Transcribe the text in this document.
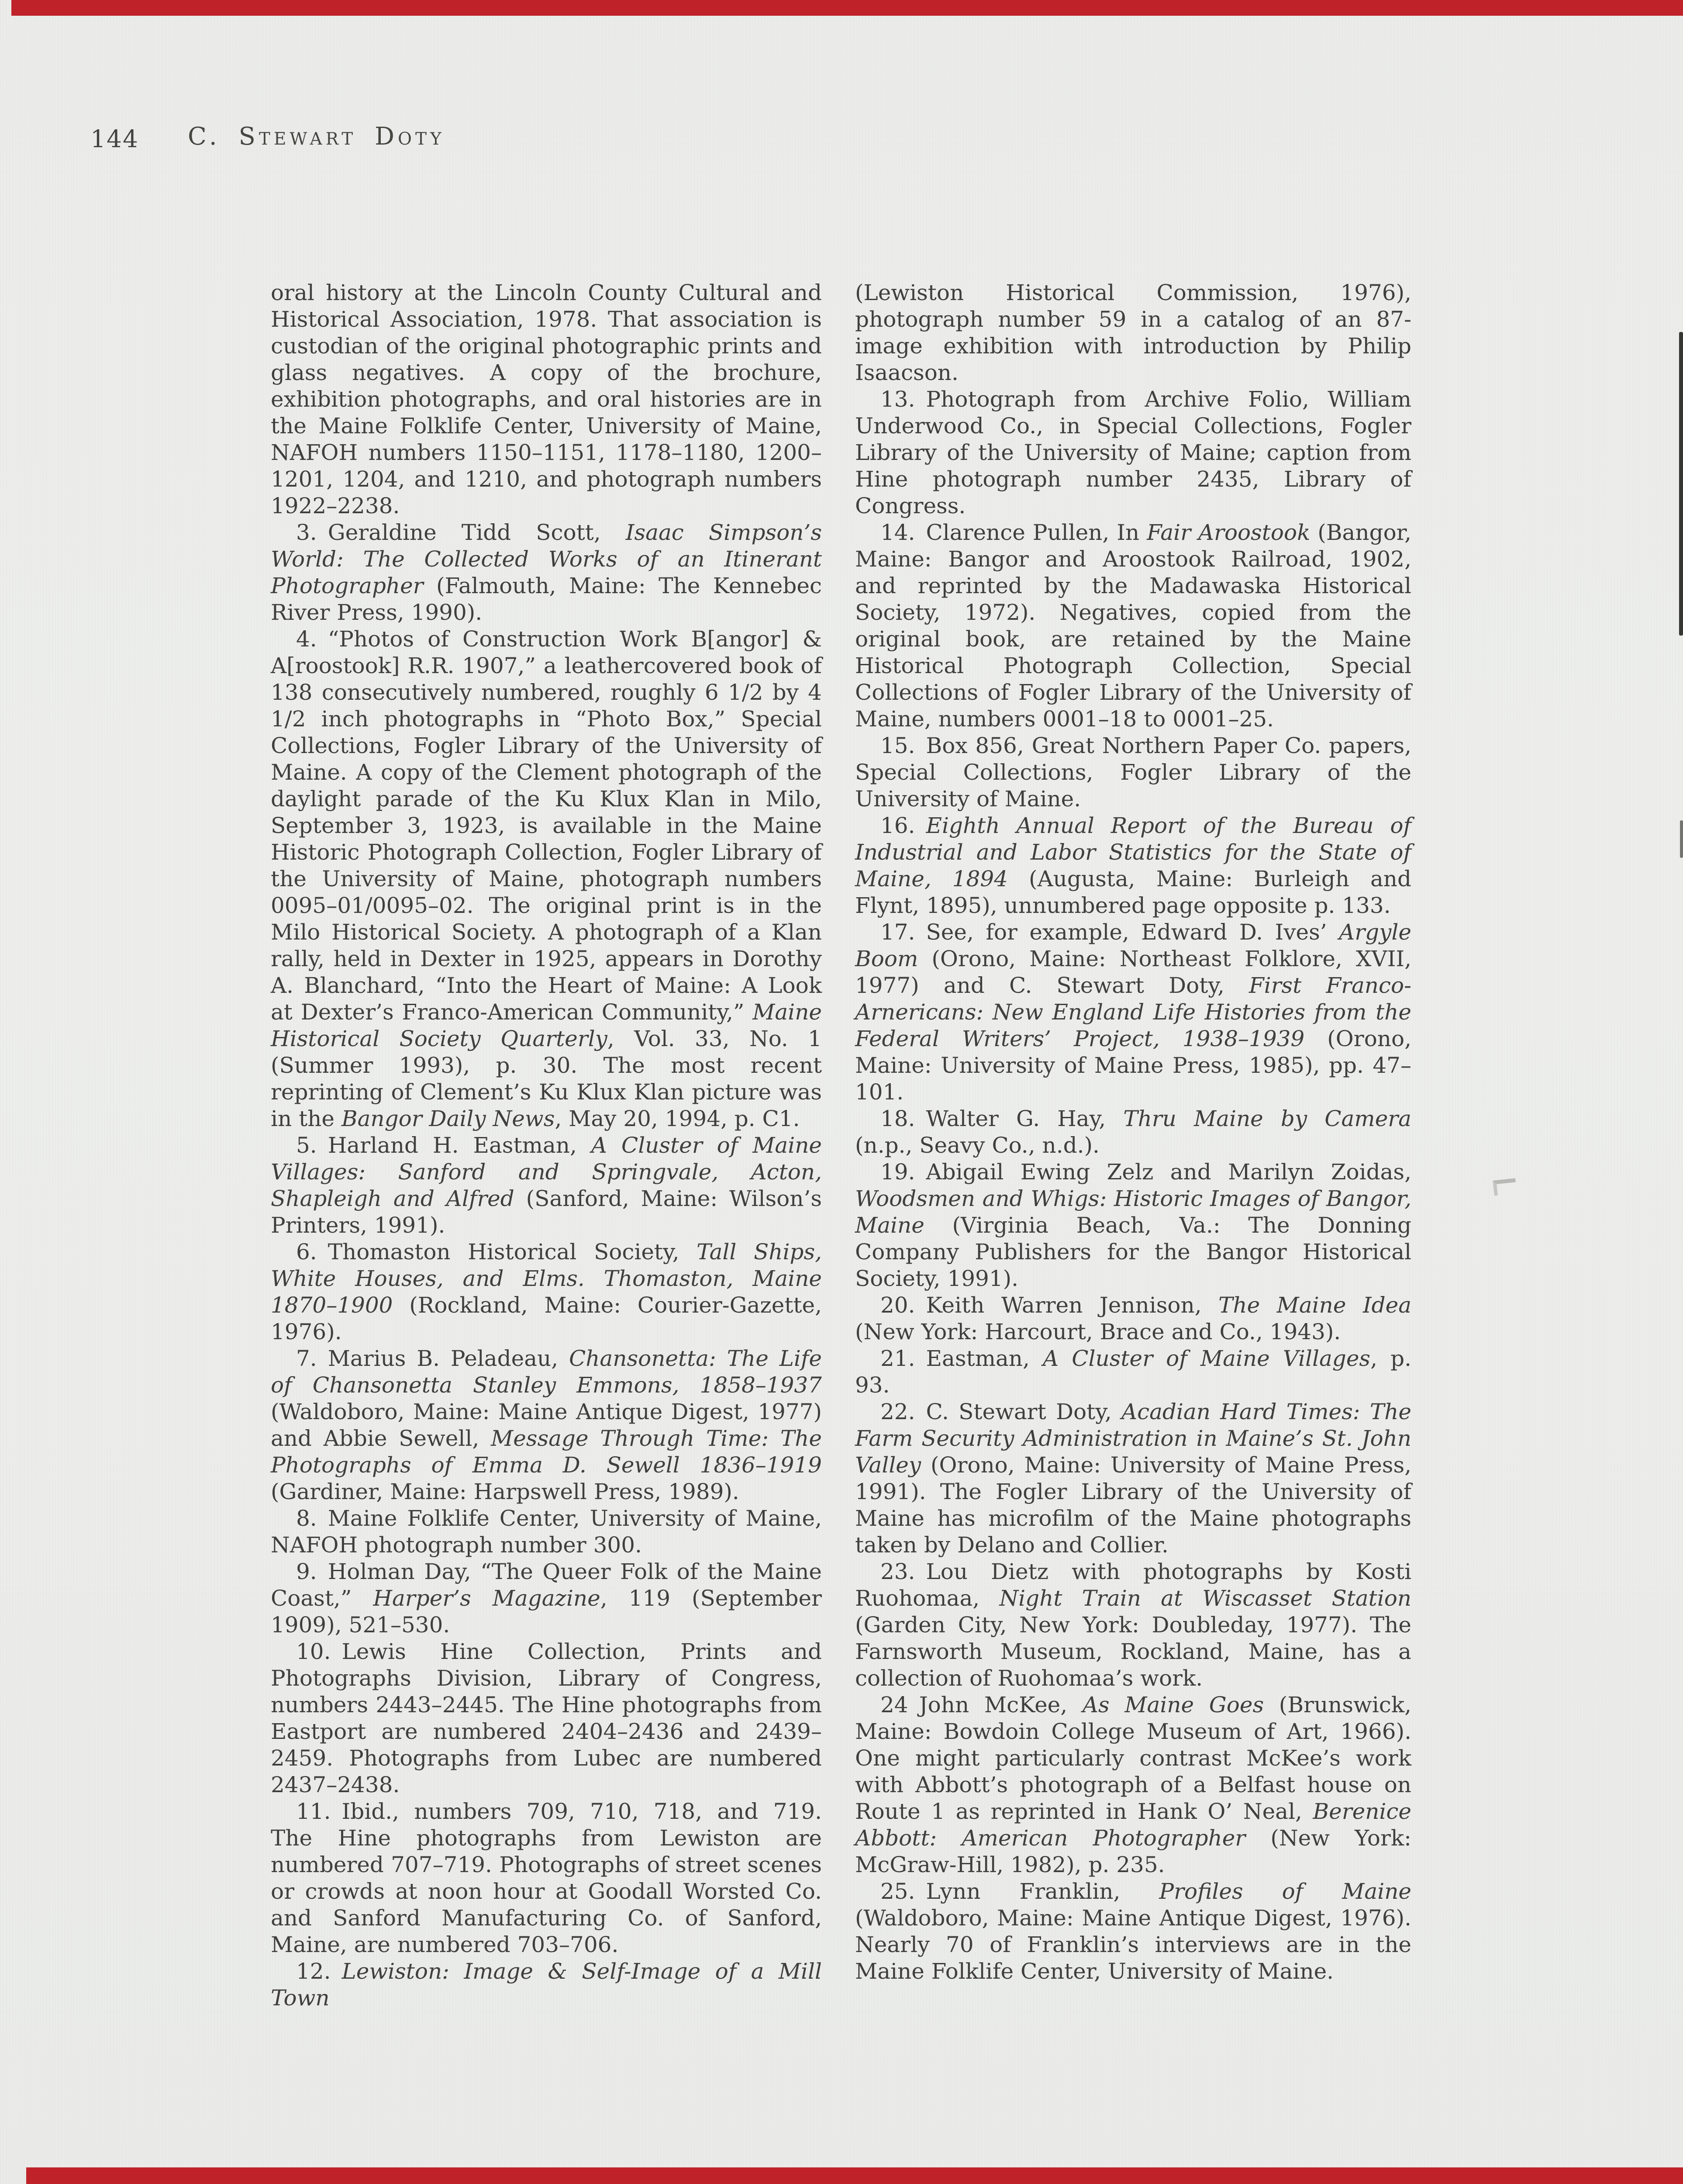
144 C. Stewart Doty

oral history at the Lincoln County Cultural and Historical Association, 1978. That association is custodian of the original photographic prints and glass negatives. A copy of the brochure, exhibition photographs, and oral histories are in the Maine Folklife Center, University of Maine, NAFOH numbers 1150–1151, 1178–1180, 1200–1201, 1204, and 1210, and photograph numbers 1922–2238.

3. Geraldine Tidd Scott, Isaac Simpson’s World: The Collected Works of an Itinerant Photographer (Falmouth, Maine: The Kennebec River Press, 1990).

4. “Photos of Construction Work B[angor] & A[roostook] R.R. 1907,” a leathercovered book of 138 consecutively numbered, roughly 6 1/2 by 4 1/2 inch photographs in “Photo Box,” Special Collections, Fogler Library of the University of Maine. A copy of the Clement photograph of the daylight parade of the Ku Klux Klan in Milo, September 3, 1923, is available in the Maine Historic Photograph Collection, Fogler Library of the University of Maine, photograph numbers 0095–01/0095–02. The original print is in the Milo Historical Society. A photograph of a Klan rally, held in Dexter in 1925, appears in Dorothy A. Blanchard, “Into the Heart of Maine: A Look at Dexter’s Franco-American Community,” Maine Historical Society Quarterly, Vol. 33, No. 1 (Summer 1993), p. 30. The most recent reprinting of Clement’s Ku Klux Klan picture was in the Bangor Daily News, May 20, 1994, p. C1.

5. Harland H. Eastman, A Cluster of Maine Villages: Sanford and Springvale, Acton, Shapleigh and Alfred (Sanford, Maine: Wilson’s Printers, 1991).

6. Thomaston Historical Society, Tall Ships, White Houses, and Elms. Thomaston, Maine 1870–1900 (Rockland, Maine: Courier-Gazette, 1976).

7. Marius B. Peladeau, Chansonetta: The Life of Chansonetta Stanley Emmons, 1858–1937 (Waldoboro, Maine: Maine Antique Digest, 1977) and Abbie Sewell, Message Through Time: The Photographs of Emma D. Sewell 1836–1919 (Gardiner, Maine: Harpswell Press, 1989).

8. Maine Folklife Center, University of Maine, NAFOH photograph number 300.

9. Holman Day, “The Queer Folk of the Maine Coast,” Harper’s Magazine, 119 (September 1909), 521–530.

10. Lewis Hine Collection, Prints and Photographs Division, Library of Congress, numbers 2443–2445. The Hine photographs from Eastport are numbered 2404–2436 and 2439–2459. Photographs from Lubec are numbered 2437–2438.

11. Ibid., numbers 709, 710, 718, and 719. The Hine photographs from Lewiston are numbered 707–719. Photographs of street scenes or crowds at noon hour at Goodall Worsted Co. and Sanford Manufacturing Co. of Sanford, Maine, are numbered 703–706.

12. Lewiston: Image & Self-Image of a Mill Town

(Lewiston Historical Commission, 1976), photograph number 59 in a catalog of an 87-image exhibition with introduction by Philip Isaacson.

13. Photograph from Archive Folio, William Underwood Co., in Special Collections, Fogler Library of the University of Maine; caption from Hine photograph number 2435, Library of Congress.

14. Clarence Pullen, In Fair Aroostook (Bangor, Maine: Bangor and Aroostook Railroad, 1902, and reprinted by the Madawaska Historical Society, 1972). Negatives, copied from the original book, are retained by the Maine Historical Photograph Collection, Special Collections of Fogler Library of the University of Maine, numbers 0001–18 to 0001–25.

15. Box 856, Great Northern Paper Co. papers, Special Collections, Fogler Library of the University of Maine.

16. Eighth Annual Report of the Bureau of Industrial and Labor Statistics for the State of Maine, 1894 (Augusta, Maine: Burleigh and Flynt, 1895), unnumbered page opposite p. 133.

17. See, for example, Edward D. Ives’ Argyle Boom (Orono, Maine: Northeast Folklore, XVII, 1977) and C. Stewart Doty, First Franco-Arnericans: New England Life Histories from the Federal Writers’ Project, 1938–1939 (Orono, Maine: University of Maine Press, 1985), pp. 47–101.

18. Walter G. Hay, Thru Maine by Camera (n.p., Seavy Co., n.d.).

19. Abigail Ewing Zelz and Marilyn Zoidas, Woodsmen and Whigs: Historic Images of Bangor, Maine (Virginia Beach, Va.: The Donning Company Publishers for the Bangor Historical Society, 1991).

20. Keith Warren Jennison, The Maine Idea (New York: Harcourt, Brace and Co., 1943).

21. Eastman, A Cluster of Maine Villages, p. 93.

22. C. Stewart Doty, Acadian Hard Times: The Farm Security Administration in Maine’s St. John Valley (Orono, Maine: University of Maine Press, 1991). The Fogler Library of the University of Maine has microfilm of the Maine photographs taken by Delano and Collier.

23. Lou Dietz with photographs by Kosti Ruohomaa, Night Train at Wiscasset Station (Garden City, New York: Doubleday, 1977). The Farnsworth Museum, Rockland, Maine, has a collection of Ruohomaa’s work.

24 John McKee, As Maine Goes (Brunswick, Maine: Bowdoin College Museum of Art, 1966). One might particularly contrast McKee’s work with Abbott’s photograph of a Belfast house on Route 1 as reprinted in Hank O’ Neal, Berenice Abbott: American Photographer (New York: McGraw-Hill, 1982), p. 235.

25. Lynn Franklin, Profiles of Maine (Waldoboro, Maine: Maine Antique Digest, 1976). Nearly 70 of Franklin’s interviews are in the Maine Folklife Center, University of Maine.
